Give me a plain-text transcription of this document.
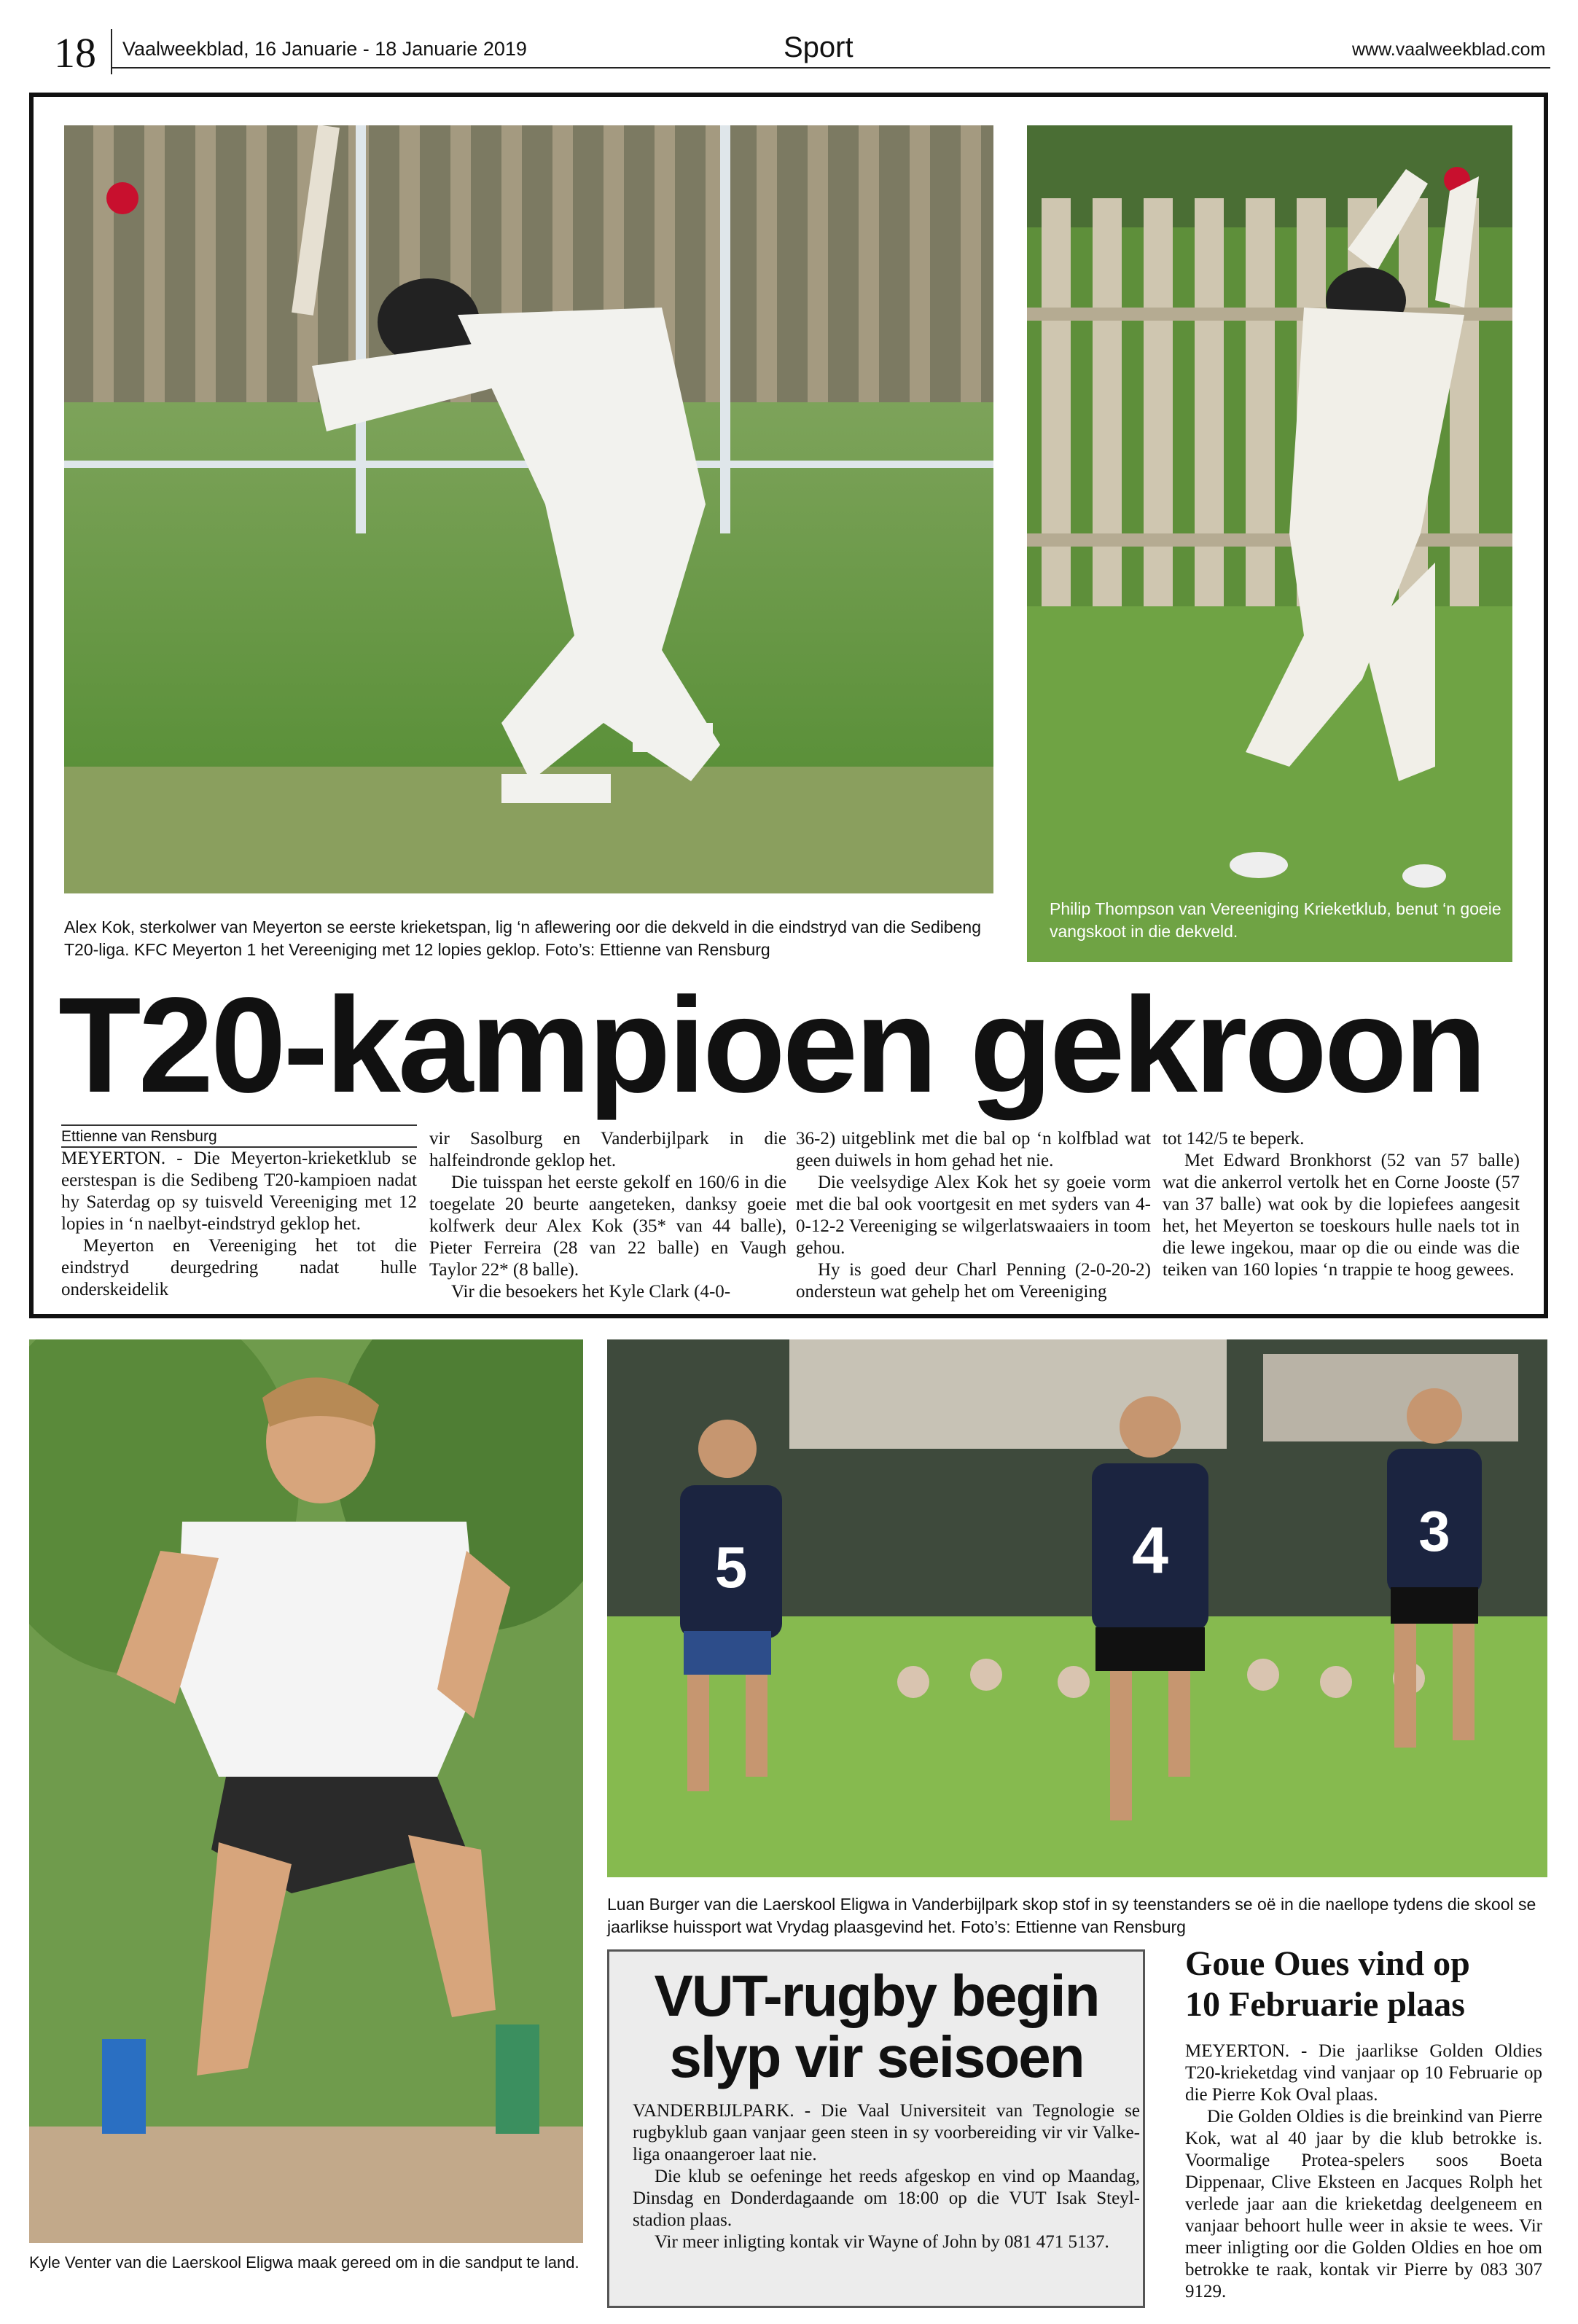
18 Vaalweekblad, 16 Januarie - 18 Januarie 2019	Sport	www.vaalweekblad.com
Alex Kok, sterkolwer van Meyerton se eerste krieketspan, lig ‘n aflewering oor die dekveld in die eindstryd van die Sedibeng T20-liga. KFC Meyerton 1 het Vereeniging met 12 lopies geklop. Foto’s: Ettienne van Rensburg
Philip Thompson van Vereeniging Krieketklub, benut ‘n goeie vangskoot in die dekveld.
T20-kampioen gekroon
Ettienne van Rensburg

MEYERTON. - Die Meyerton-krieketklub se eerstespan is die Sedibeng T20-kampioen nadat hy Saterdag op sy tuisveld Vereeniging met 12 lopies in ‘n naelbyt-eindstryd geklop het.

Meyerton en Vereeniging het tot die eindstryd deurgedring nadat hulle onderskeidelik

vir Sasolburg en Vanderbijlpark in die halfeindronde geklop het.

Die tuisspan het eerste gekolf en 160/6 in die toegelate 20 beurte aangeteken, danksy goeie kolfwerk deur Alex Kok (35* van 44 balle), Pieter Ferreira (28 van 22 balle) en Vaugh Taylor 22* (8 balle).

Vir die besoekers het Kyle Clark (4-0-

36-2) uitgeblink met die bal op ‘n kolfblad wat geen duiwels in hom gehad het nie.

Die veelsydige Alex Kok het sy goeie vorm met die bal ook voortgesit en met syders van 4-0-12-2 Vereeniging se wilgerlatswaaiers in toom gehou.

Hy is goed deur Charl Penning (2-0-20-2) ondersteun wat gehelp het om Vereeniging

tot 142/5 te beperk.

Met Edward Bronkhorst (52 van 57 balle) wat die ankerrol vertolk het en Corne Jooste (57 van 37 balle) wat ook by die lopiefees aangesit het, het Meyerton se toeskours hulle naels tot in die lewe ingekou, maar op die ou einde was die teiken van 160 lopies ‘n trappie te hoog gewees.

Kyle Venter van die Laerskool Eligwa maak gereed om in die sandput te land.
5	4	3
Luan Burger van die Laerskool Eligwa in Vanderbijlpark skop stof in sy teenstanders se oë in die naellope tydens die skool se jaarlikse huissport wat Vrydag plaasgevind het. Foto’s: Ettienne van Rensburg
VUT-rugby begin
slyp vir seisoen

VANDERBIJLPARK. - Die Vaal Universiteit van Tegnologie se rugbyklub gaan vanjaar geen steen in sy voorbereiding vir vir Valke-liga onaangeroer laat nie.

Die klub se oefeninge het reeds afgeskop en vind op Maandag, Dinsdag en Donderdagaande om 18:00 op die VUT Isak Steyl-stadion plaas.

Vir meer inligting kontak vir Wayne of John by 081 471 5137.

Goue Oues vind op
10 Februarie plaas

MEYERTON. - Die jaarlikse Golden Oldies T20-krieketdag vind vanjaar op 10 Februarie op die Pierre Kok Oval plaas.

Die Golden Oldies is die breinkind van Pierre Kok, wat al 40 jaar by die klub betrokke is. Voormalige Protea-spelers soos Boeta Dippenaar, Clive Eksteen en Jacques Rolph het verlede jaar aan die krieketdag deelgeneem en vanjaar behoort hulle weer in aksie te wees. Vir meer inligting oor die Golden Oldies en hoe om betrokke te raak, kontak vir Pierre by 083 307 9129.
